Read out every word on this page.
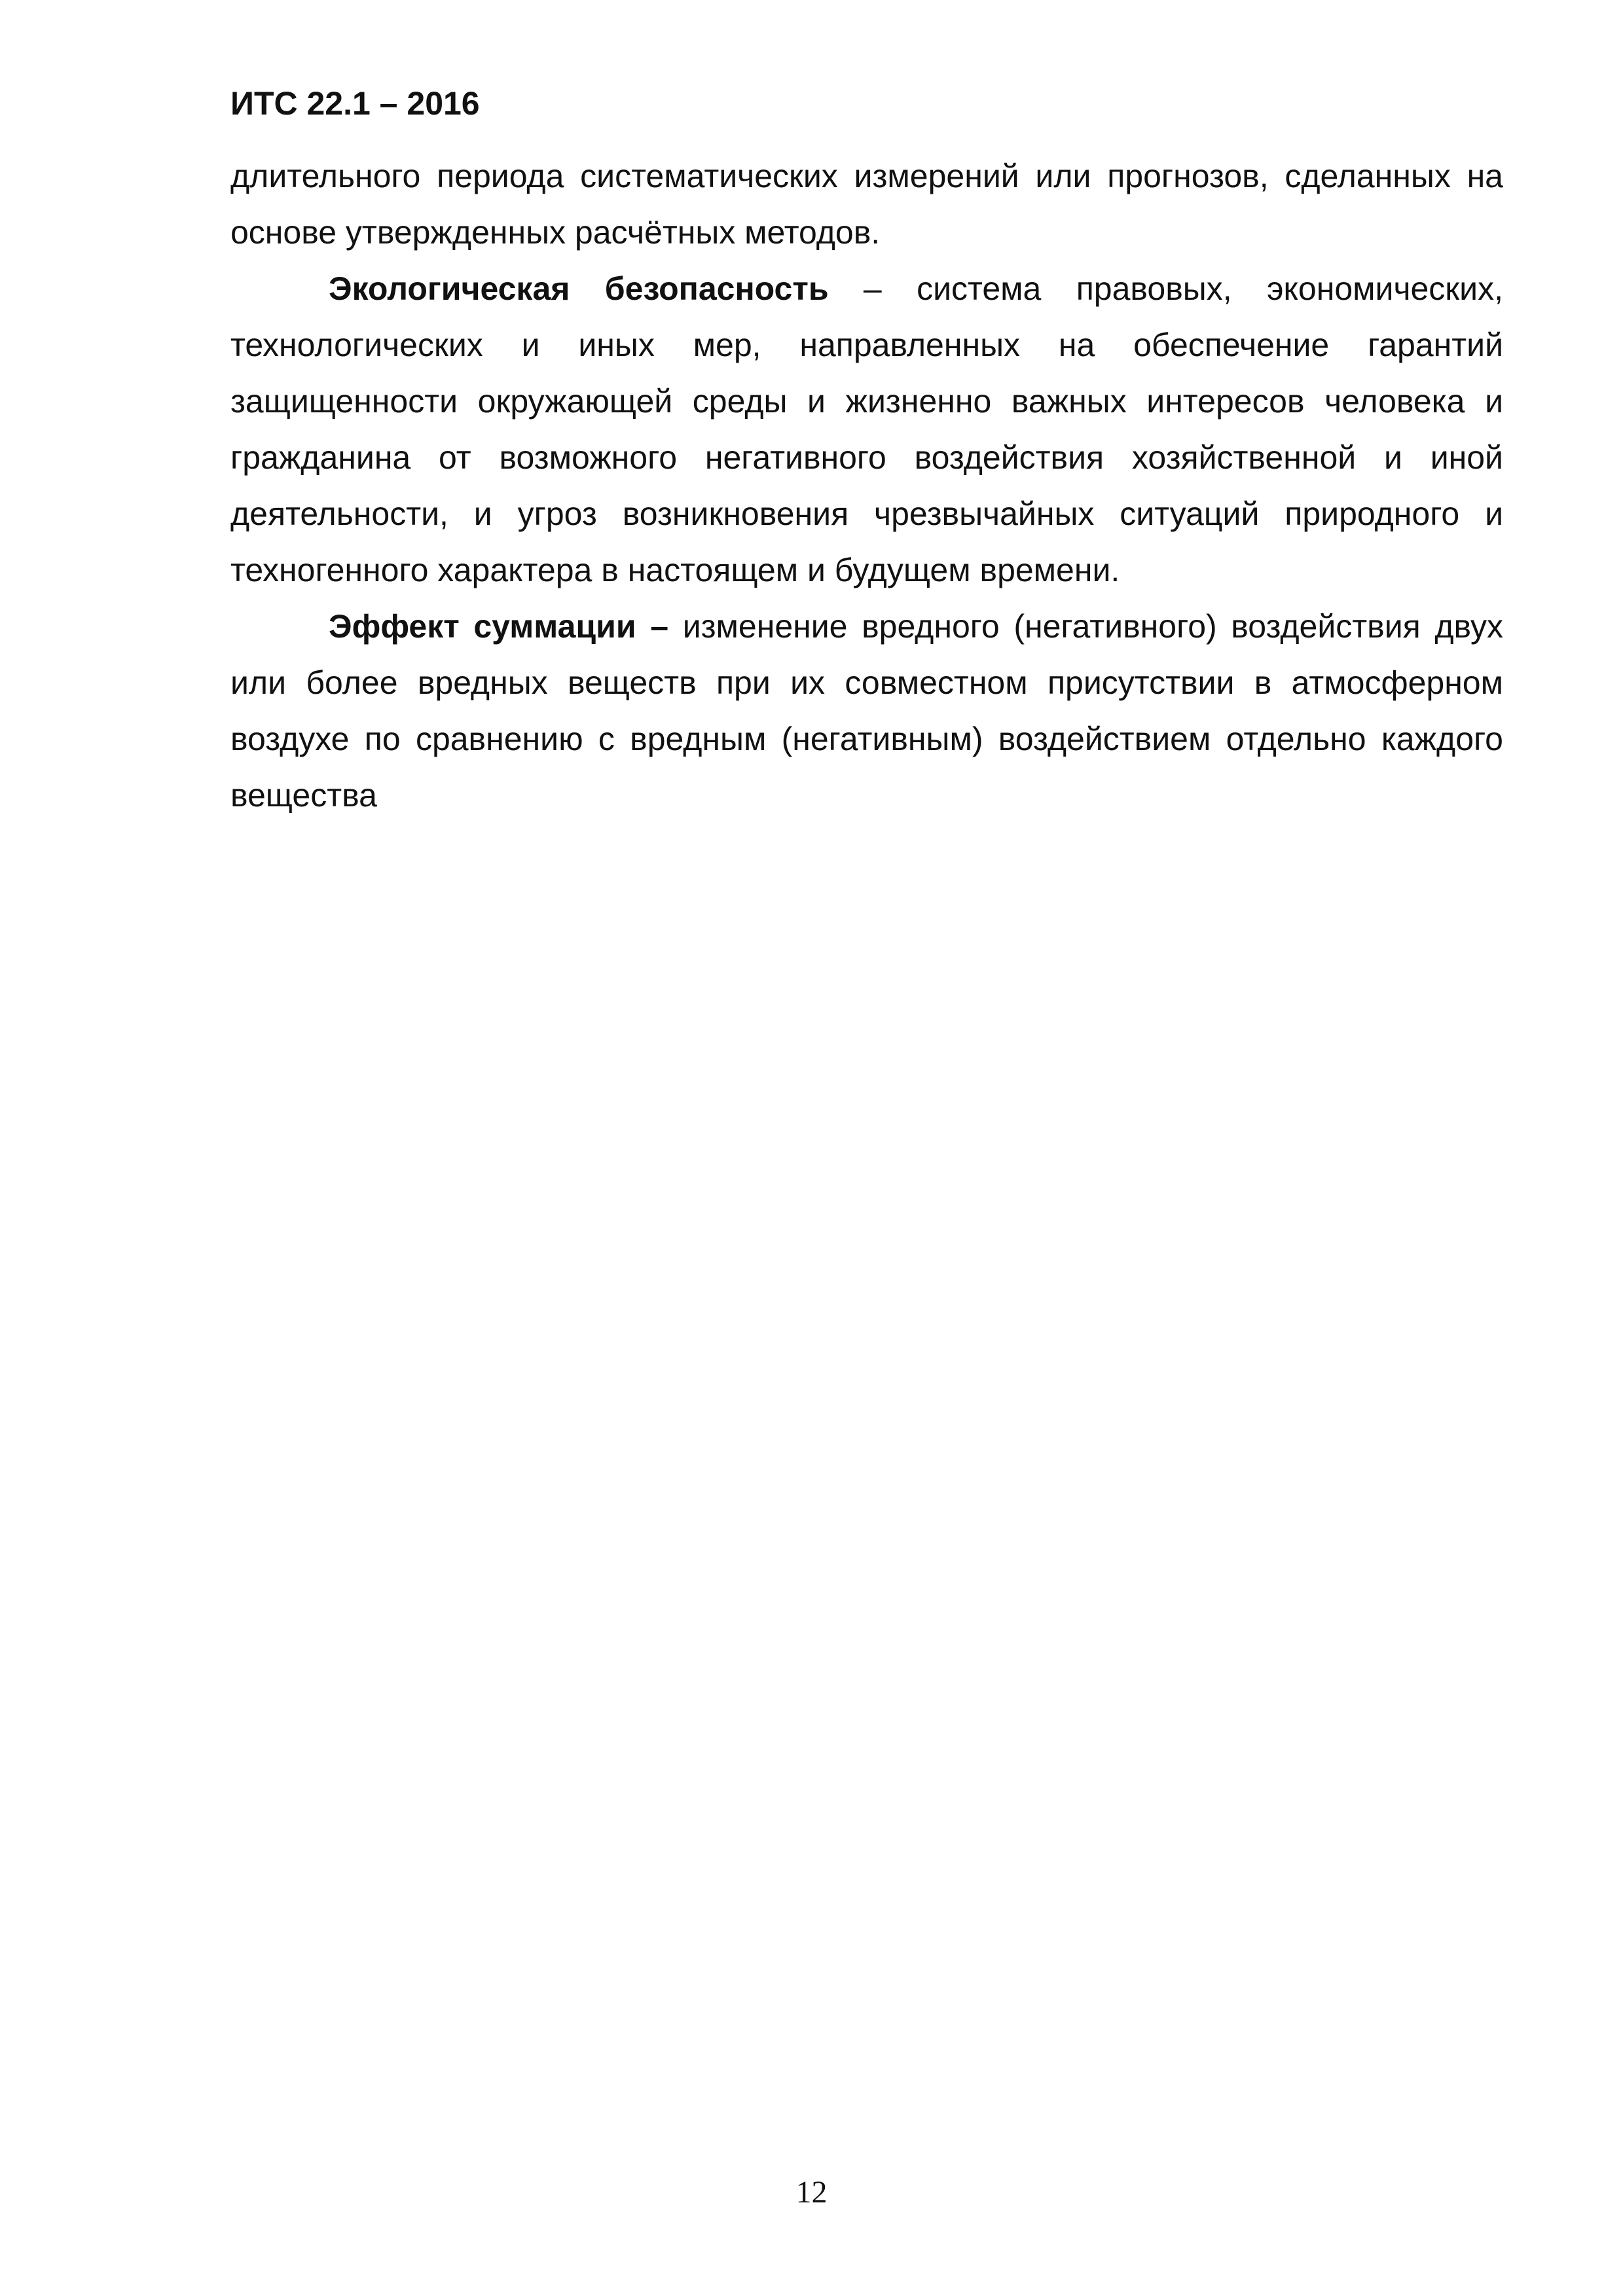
ИТС 22.1 – 2016

длительного периода систематических измерений или прогнозов, сделанных на основе утвержденных расчётных методов.

Экологическая безопасность – система правовых, экономических, технологических и иных мер, направленных на обеспечение гарантий защищенности окружающей среды и жизненно важных интересов человека и гражданина от возможного негативного воздействия хозяйственной и иной деятельности, и угроз возникновения чрезвычайных ситуаций природного и техногенного характера в настоящем и будущем времени.

Эффект суммации – изменение вредного (негативного) воздействия двух или более вредных веществ при их совместном присутствии в атмосферном воздухе по сравнению с вредным (негативным) воздействием отдельно каждого вещества

12
